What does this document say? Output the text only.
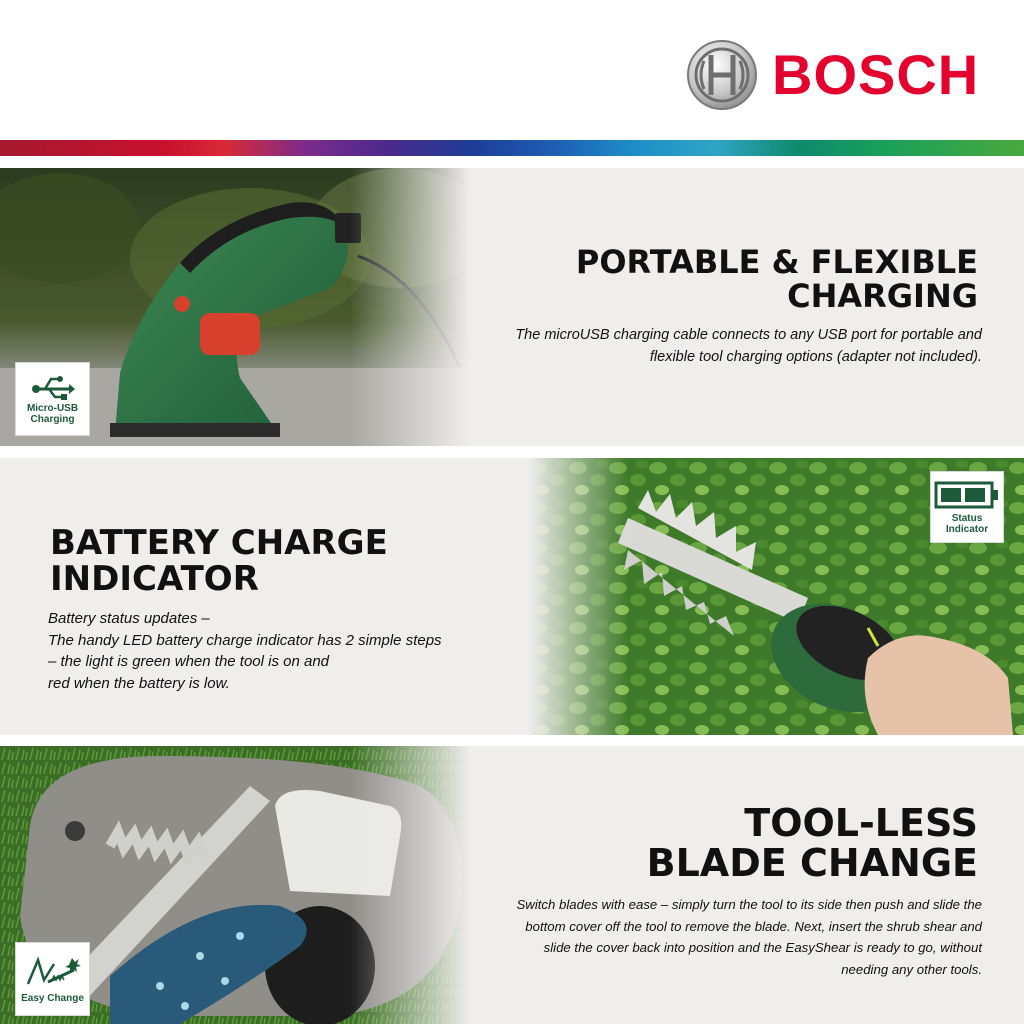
BOSCH
Micro-USB
Charging
PORTABLE & FLEXIBLE
CHARGING
The microUSB charging cable connects to any USB port for portable and flexible tool charging options (adapter not included).
Status
Indicator
BATTERY CHARGE
INDICATOR
Battery status updates –
The handy LED battery charge indicator has 2 simple steps
– the light is green when the tool is on and
red when the battery is low.
Easy Change
TOOL-LESS
BLADE CHANGE
Switch blades with ease – simply turn the tool to its side then push and slide the bottom cover off the tool to remove the blade. Next, insert the shrub shear and slide the cover back into position and the EasyShear is ready to go, without needing any other tools.
